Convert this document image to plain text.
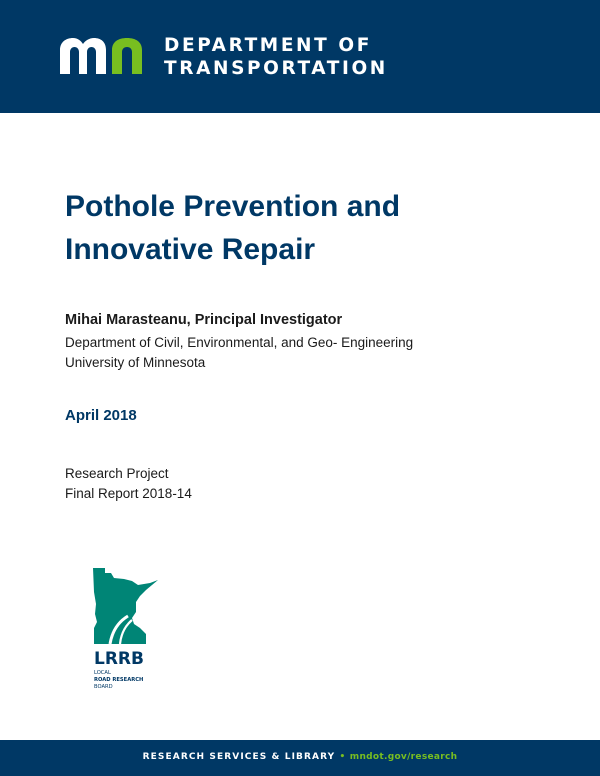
DEPARTMENT OF
TRANSPORTATION
Pothole Prevention and
Innovative Repair
Mihai Marasteanu, Principal Investigator
Department of Civil, Environmental, and Geo- Engineering
University of Minnesota
April 2018
Research Project
Final Report 2018-14
LRRB
LOCAL
ROAD RESEARCH
BOARD
RESEARCH SERVICES & LIBRARY • mndot.gov/research
